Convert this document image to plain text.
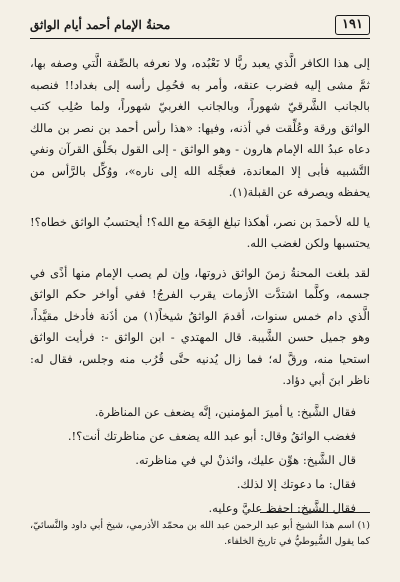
١٩١
محنةُ الإمام أحمد أيام الواثق

إلى هذا الكافر الَّذي يعبد ربًّا لا نَعْبُده، ولا نعرفه بالصِّفة الَّتي وصفه بها، ثمَّ مشى إليه فضرب عنقه، وأمر به فحُمِل رأسه إلى بغداد!! فنصبه بالجانب الشَّرقيّ شهوراً، وبالجانب الغربيّ شهوراً، ولما صُلِب كتب الواثق ورقة وعُلِّقت في أذنه، وفيها: «هذا رأس أحمد بن نصر بن مالك دعاه عبدُ الله الإمام هارون - وهو الواثق - إلى القول بخَلْق القرآن ونفي التَّشبيه فأبى إلا المعاندة، فعجَّله الله إلى ناره»، ووُكِّل بالرَّأس من يحفظه ويصرفه عن القبلة(١).

يا لله لأحمدَ بن نصر، أهكذا تبلغ القِحَة مع الله؟! أيحتسبُ الواثق خطاه؟! يحتسبها ولكن لغضب الله.

لقد بلغت المحنةُ زمنَ الواثق ذروتها، وإن لم يصب الإمام منها أذًى في جسمه، وكلَّما اشتدَّت الأزمات يقرب الفرجُ! ففي أواخر حكم الواثق الَّذي دام خمس سنوات، أقدمَ الواثقُ شيخاً(١) من أذَنة فأدخل مقيَّداً، وهو جميل حسن الشَّيبة. قال المهتدي - ابن الواثق -: فرأيت الواثق استحيا منه، ورقَّ له؛ فما زال يُدنيه حتَّى قُرُب منه وجلس، فقال له: ناظر ابنَ أبي دؤاد.

فقال الشَّيخ: يا أميرَ المؤمنين، إنَّه يضعف عن المناظرة.
فغضب الواثقُ وقال: أبو عبد الله يضعف عن مناظرتك أنت؟!.
قال الشَّيخ: هوِّن عليك، وائذنْ لي في مناظرته.
فقال: ما دعوتك إلا لذلك.
فقال الشَّيخ: احفظ عليَّ وعليه.
(١) اسم هذا الشيخ أبو عبد الرحمن عبد الله بن محمّد الأذرمي، شيخ أبي داود والنَّسائيّ، كما يقول السُّيوطيُّ في تاريخ الخلفاء.
